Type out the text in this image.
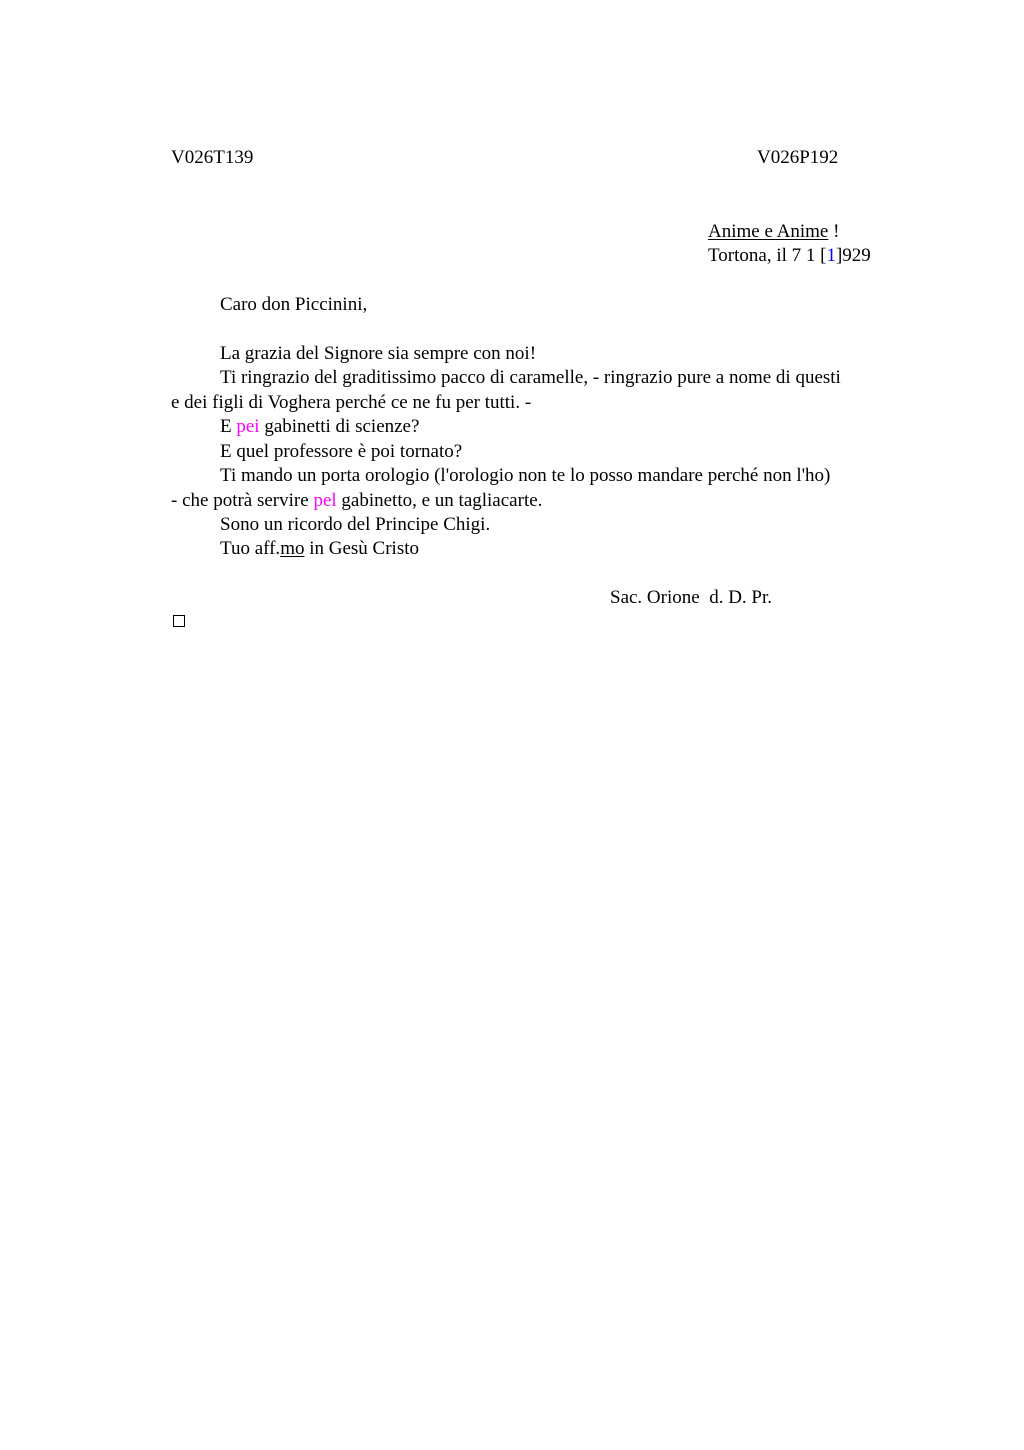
V026T139	V026P192
Anime e Anime !
Tortona, il 7 1 [1]929
Caro don Piccinini,
La grazia del Signore sia sempre con noi!
Ti ringrazio del graditissimo pacco di caramelle, - ringrazio pure a nome di questi
e dei figli di Voghera perché ce ne fu per tutti. -
E pei gabinetti di scienze?
E quel professore è poi tornato?
Ti mando un porta orologio (l'orologio non te lo posso mandare perché non l'ho)
- che potrà servire pel gabinetto, e un tagliacarte.
Sono un ricordo del Principe Chigi.
Tuo aff.mo in Gesù Cristo
Sac. Orione  d. D. Pr.
